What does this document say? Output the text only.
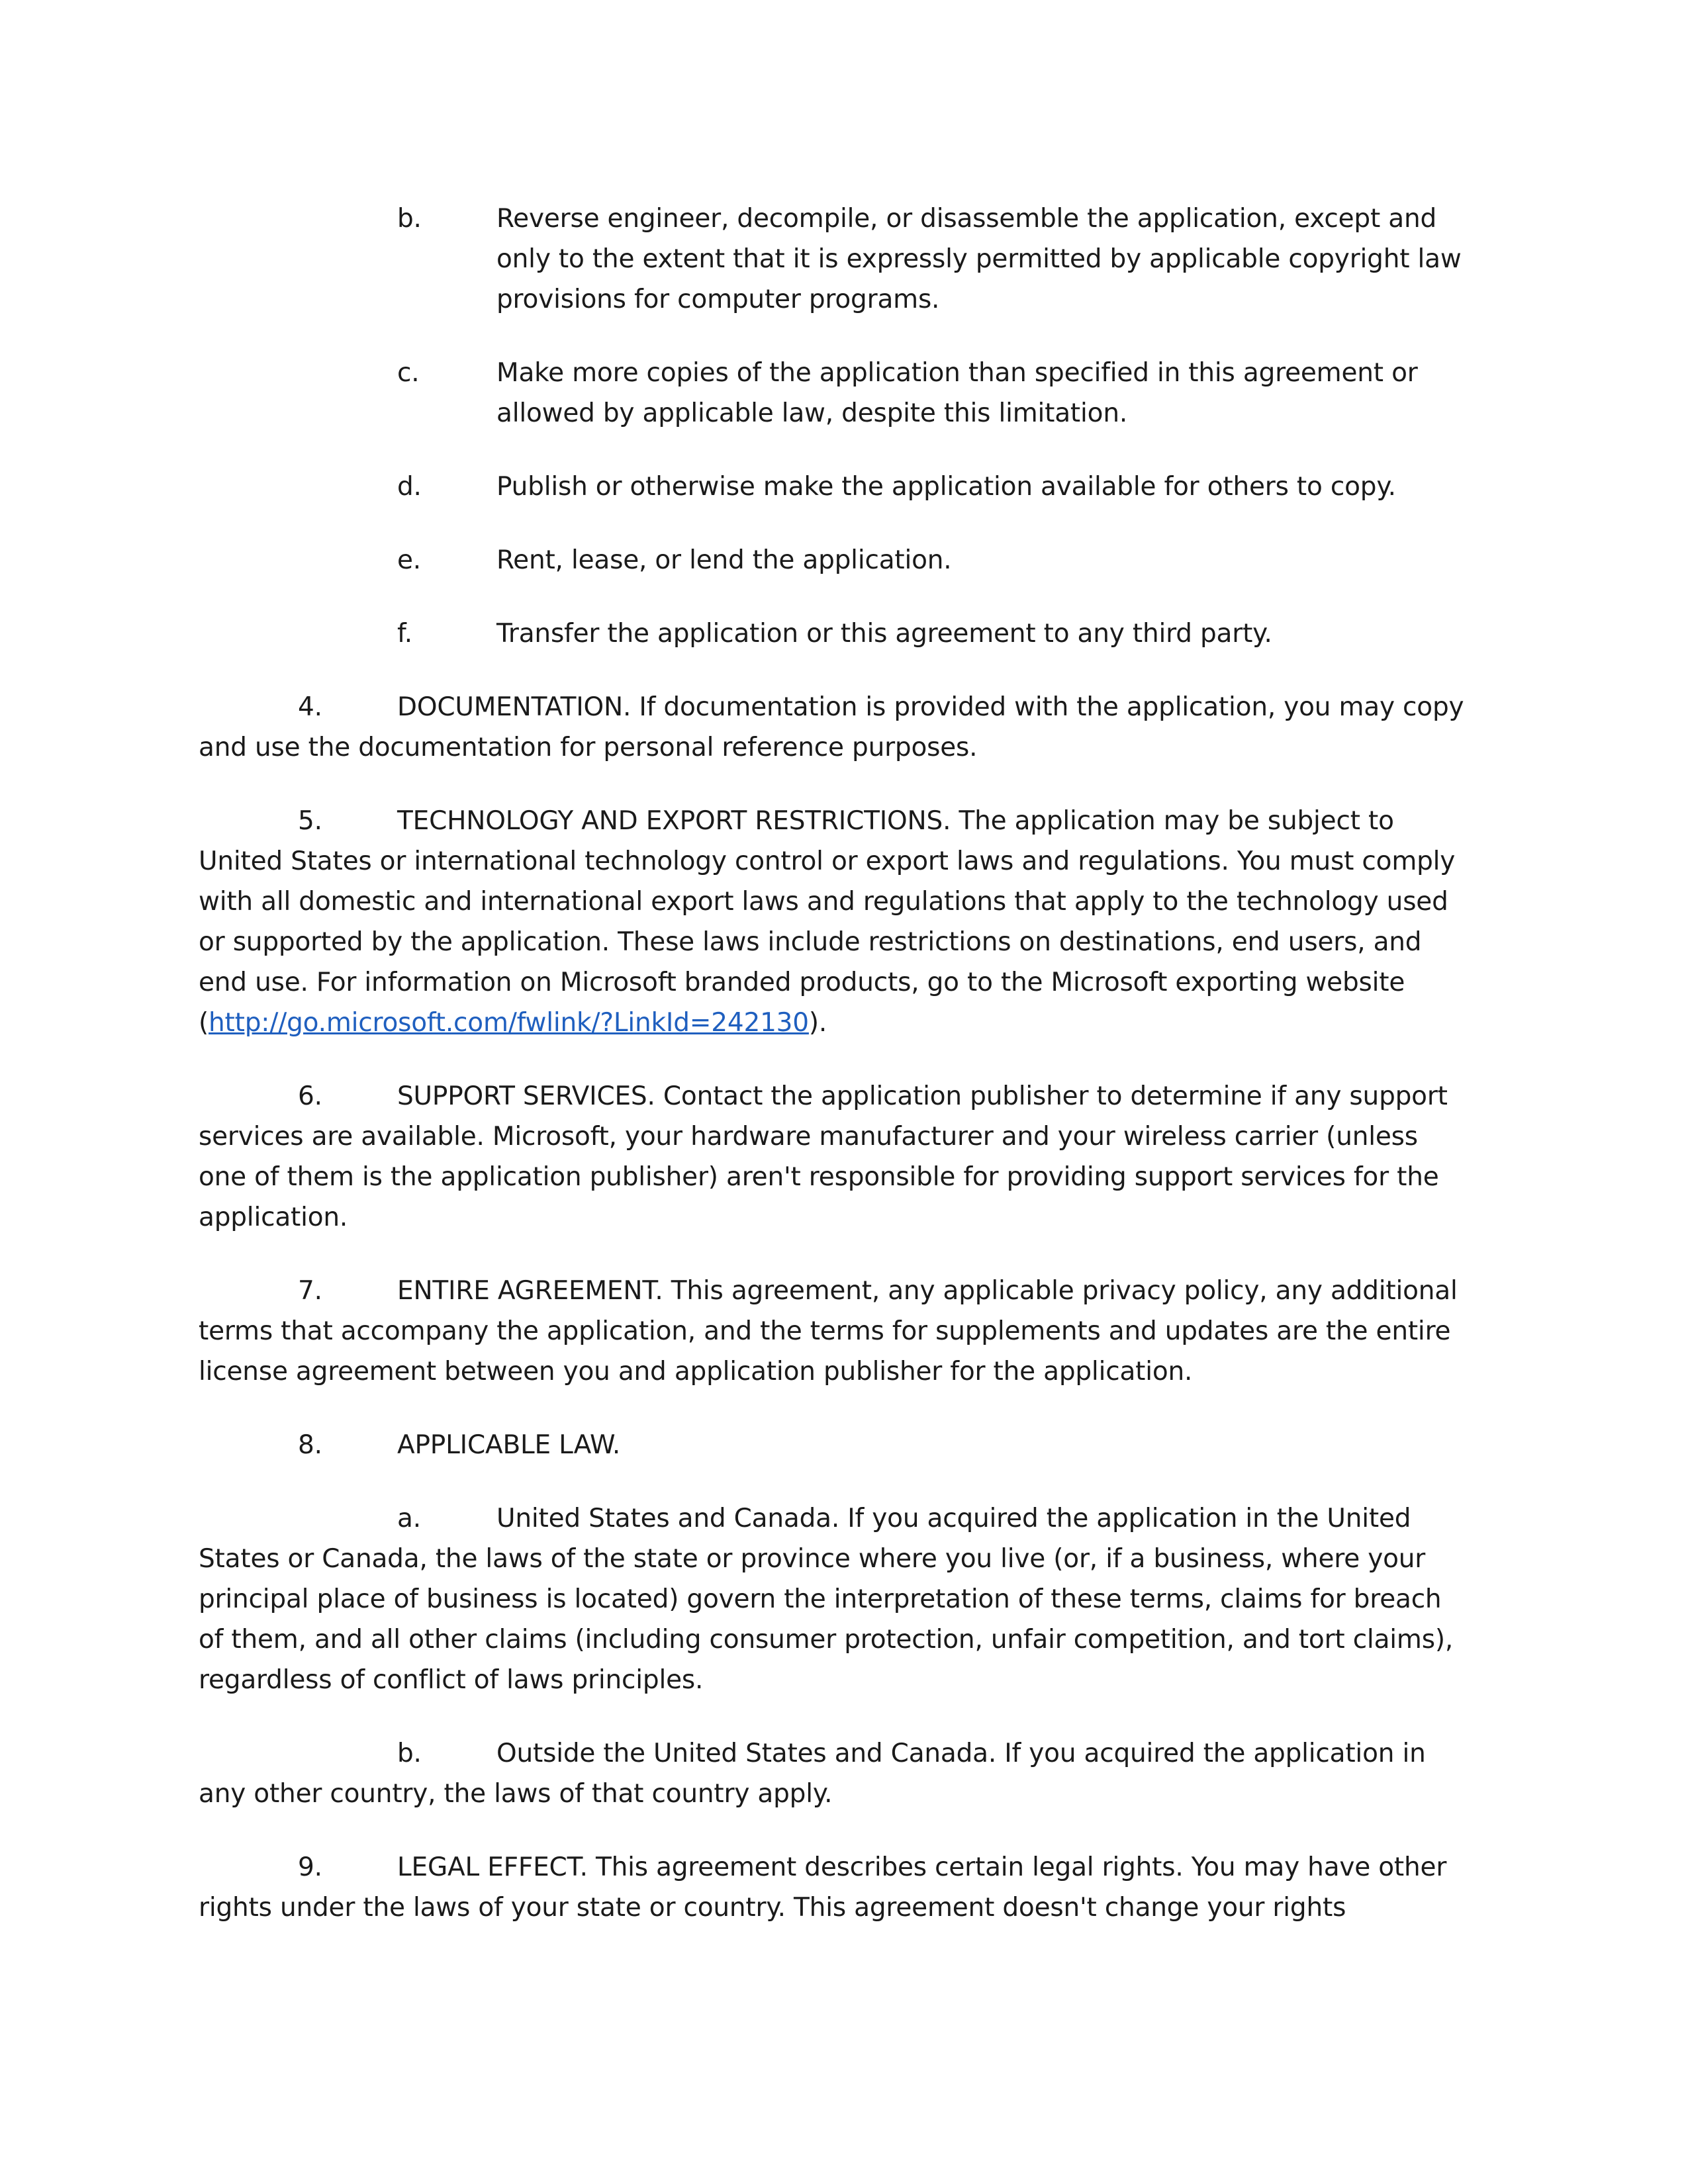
b.	Reverse engineer, decompile, or disassemble the application, except and only to the extent that it is expressly permitted by applicable copyright law provisions for computer programs.
c.	Make more copies of the application than specified in this agreement or allowed by applicable law, despite this limitation.
d.	Publish or otherwise make the application available for others to copy.
e.	Rent, lease, or lend the application.
f.	Transfer the application or this agreement to any third party.
4.	DOCUMENTATION. If documentation is provided with the application, you may copy and use the documentation for personal reference purposes.
5.	TECHNOLOGY AND EXPORT RESTRICTIONS. The application may be subject to United States or international technology control or export laws and regulations. You must comply with all domestic and international export laws and regulations that apply to the technology used or supported by the application. These laws include restrictions on destinations, end users, and end use. For information on Microsoft branded products, go to the Microsoft exporting website (http://go.microsoft.com/fwlink/?LinkId=242130).
6.	SUPPORT SERVICES. Contact the application publisher to determine if any support services are available. Microsoft, your hardware manufacturer and your wireless carrier (unless one of them is the application publisher) aren't responsible for providing support services for the application.
7.	ENTIRE AGREEMENT. This agreement, any applicable privacy policy, any additional terms that accompany the application, and the terms for supplements and updates are the entire license agreement between you and application publisher for the application.
8.	APPLICABLE LAW.
a.	United States and Canada. If you acquired the application in the United States or Canada, the laws of the state or province where you live (or, if a business, where your principal place of business is located) govern the interpretation of these terms, claims for breach of them, and all other claims (including consumer protection, unfair competition, and tort claims), regardless of conflict of laws principles.
b.	Outside the United States and Canada. If you acquired the application in any other country, the laws of that country apply.
9.	LEGAL EFFECT. This agreement describes certain legal rights. You may have other rights under the laws of your state or country. This agreement doesn't change your rights
